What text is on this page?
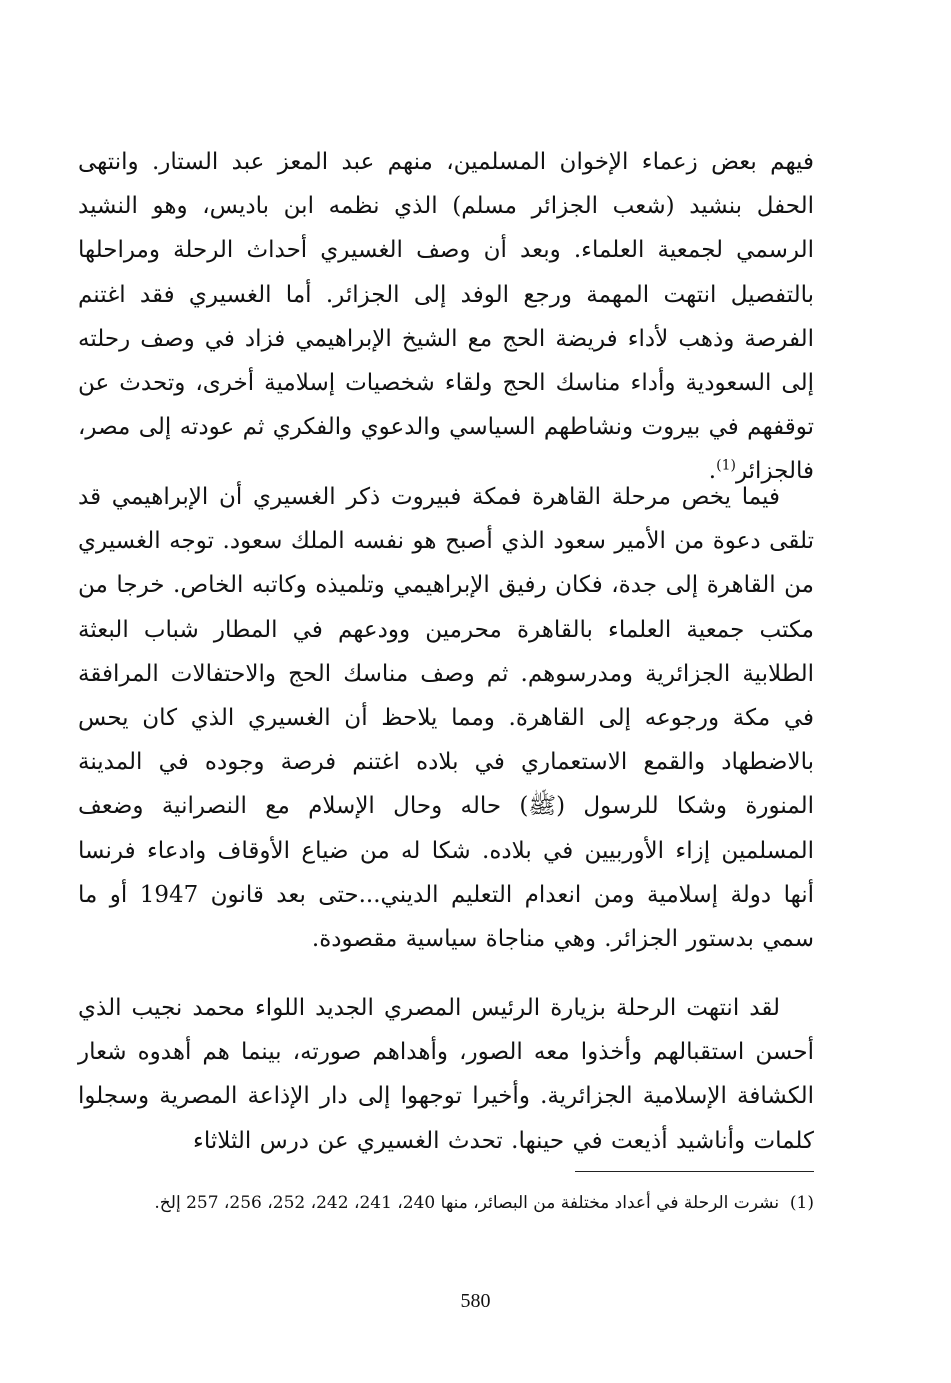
فيهم بعض زعماء الإخوان المسلمين، منهم عبد المعز عبد الستار. وانتهى الحفل بنشيد (شعب الجزائر مسلم) الذي نظمه ابن باديس، وهو النشيد الرسمي لجمعية العلماء. وبعد أن وصف الغسيري أحداث الرحلة ومراحلها بالتفصيل انتهت المهمة ورجع الوفد إلى الجزائر. أما الغسيري فقد اغتنم الفرصة وذهب لأداء فريضة الحج مع الشيخ الإبراهيمي فزاد في وصف رحلته إلى السعودية وأداء مناسك الحج ولقاء شخصيات إسلامية أخرى، وتحدث عن توقفهم في بيروت ونشاطهم السياسي والدعوي والفكري ثم عودته إلى مصر، فالجزائر$^{(1)}$.
فيما يخص مرحلة القاهرة فمكة فبيروت ذكر الغسيري أن الإبراهيمي قد تلقى دعوة من الأمير سعود الذي أصبح هو نفسه الملك سعود. توجه الغسيري من القاهرة إلى جدة، فكان رفيق الإبراهيمي وتلميذه وكاتبه الخاص. خرجا من مكتب جمعية العلماء بالقاهرة محرمين وودعهم في المطار شباب البعثة الطلابية الجزائرية ومدرسوهم. ثم وصف مناسك الحج والاحتفالات المرافقة في مكة ورجوعه إلى القاهرة. ومما يلاحظ أن الغسيري الذي كان يحس بالاضطهاد والقمع الاستعماري في بلاده اغتنم فرصة وجوده في المدينة المنورة وشكا للرسول (ﷺ) حاله وحال الإسلام مع النصرانية وضعف المسلمين إزاء الأوربيين في بلاده. شكا له من ضياع الأوقاف وادعاء فرنسا أنها دولة إسلامية ومن انعدام التعليم الديني...حتى بعد قانون 1947 أو ما سمي بدستور الجزائر. وهي مناجاة سياسية مقصودة.
لقد انتهت الرحلة بزيارة الرئيس المصري الجديد اللواء محمد نجيب الذي أحسن استقبالهم وأخذوا معه الصور، وأهداهم صورته، بينما هم أهدوه شعار الكشافة الإسلامية الجزائرية. وأخيرا توجهوا إلى دار الإذاعة المصرية وسجلوا كلمات وأناشيد أذيعت في حينها. تحدث الغسيري عن درس الثلاثاء
(1)  نشرت الرحلة في أعداد مختلفة من البصائر، منها 240، 241، 242، 252، 256، 257 إلخ.
580
